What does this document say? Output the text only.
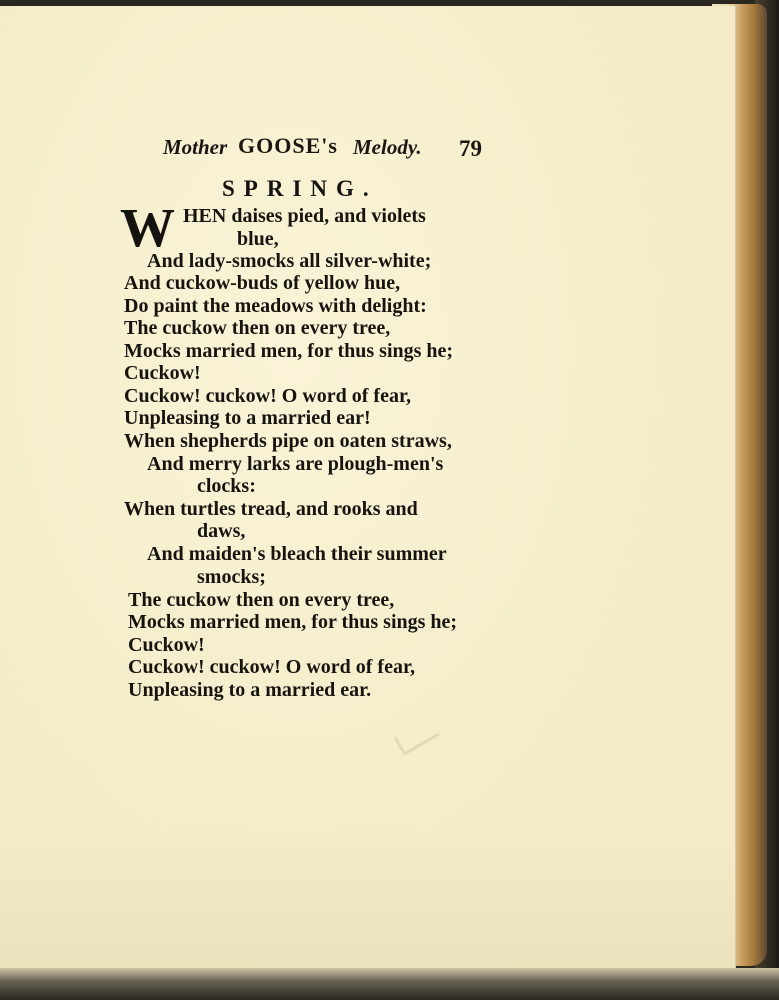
Mother GOOSE's Melody. 79
SPRING.
W HEN daises pied, and violets
blue,
And lady-smocks all silver-white;
And cuckow-buds of yellow hue,
Do paint the meadows with delight:
The cuckow then on every tree,
Mocks married men, for thus sings he;
Cuckow!
Cuckow! cuckow! O word of fear,
Unpleasing to a married ear!
When shepherds pipe on oaten straws,
And merry larks are plough-men's
clocks:
When turtles tread, and rooks and
daws,
And maiden's bleach their summer
smocks;
The cuckow then on every tree,
Mocks married men, for thus sings he;
Cuckow!
Cuckow! cuckow! O word of fear,
Unpleasing to a married ear.
